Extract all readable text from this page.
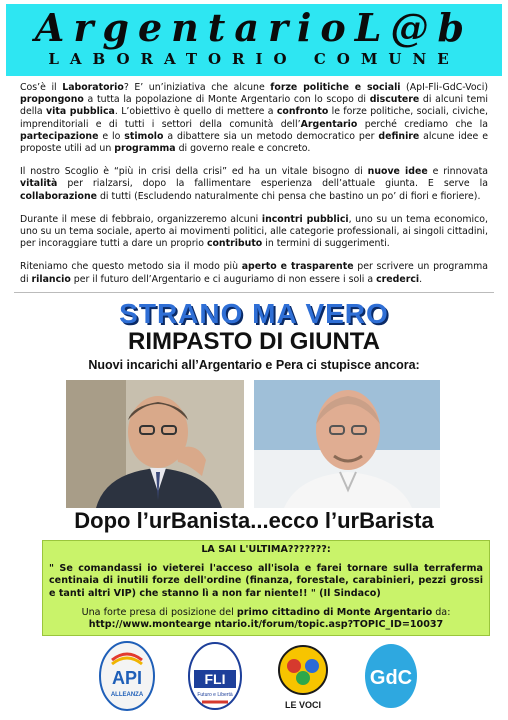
ArgentarioL@b
LABORATORIO COMUNE

Cos’è il Laboratorio? E’ un’iniziativa che alcune forze politiche e sociali (ApI-Fli-GdC-Voci) propongono a tutta la popolazione di Monte Argentario con lo scopo di discutere di alcuni temi della vita pubblica. L’obiettivo è quello di mettere a confronto le forze politiche, sociali, civiche, imprenditoriali e di tutti i settori della comunità dell’Argentario perché crediamo che la partecipazione e lo stimolo a dibattere sia un metodo democratico per definire alcune idee e proposte utili ad un programma di governo reale e concreto.

Il nostro Scoglio è “più in crisi della crisi” ed ha un vitale bisogno di nuove idee e rinnovata vitalità per rialzarsi, dopo la fallimentare esperienza dell’attuale giunta. E serve la collaborazione di tutti (Escludendo naturalmente chi pensa che bastino un po’ di fiori e fioriere).

Durante il mese di febbraio, organizzeremo alcuni incontri pubblici, uno su un tema economico, uno su un tema sociale, aperto ai movimenti politici, alle categorie professionali, ai singoli cittadini, per incoraggiare tutti a dare un proprio contributo in termini di suggerimenti.

Riteniamo che questo metodo sia il modo più aperto e trasparente per scrivere un programma di rilancio per il futuro dell’Argentario e ci auguriamo di non essere i soli a crederci.

STRANO MA VERO
RIMPASTO DI GIUNTA
Nuovi incarichi all’Argentario e Pera ci stupisce ancora:
Dopo l’urBanista...ecco l’urBarista
LA SAI L'ULTIMA???????:
" Se comandassi io vieterei l'acceso all'isola e farei tornare sulla terraferma centinaia di inutili forze dell'ordine (finanza, forestale, carabinieri, pezzi grossi e tanti altri VIP) che stanno lì a non far niente!! " (Il Sindaco)
Una forte presa di posizione del primo cittadino di Monte Argentario da:
http://www.montearge ntario.it/forum/topic.asp?TOPIC_ID=10037
API
ALLEANZA
FLI
Futuro e Libertà
LE VOCI
GdC
